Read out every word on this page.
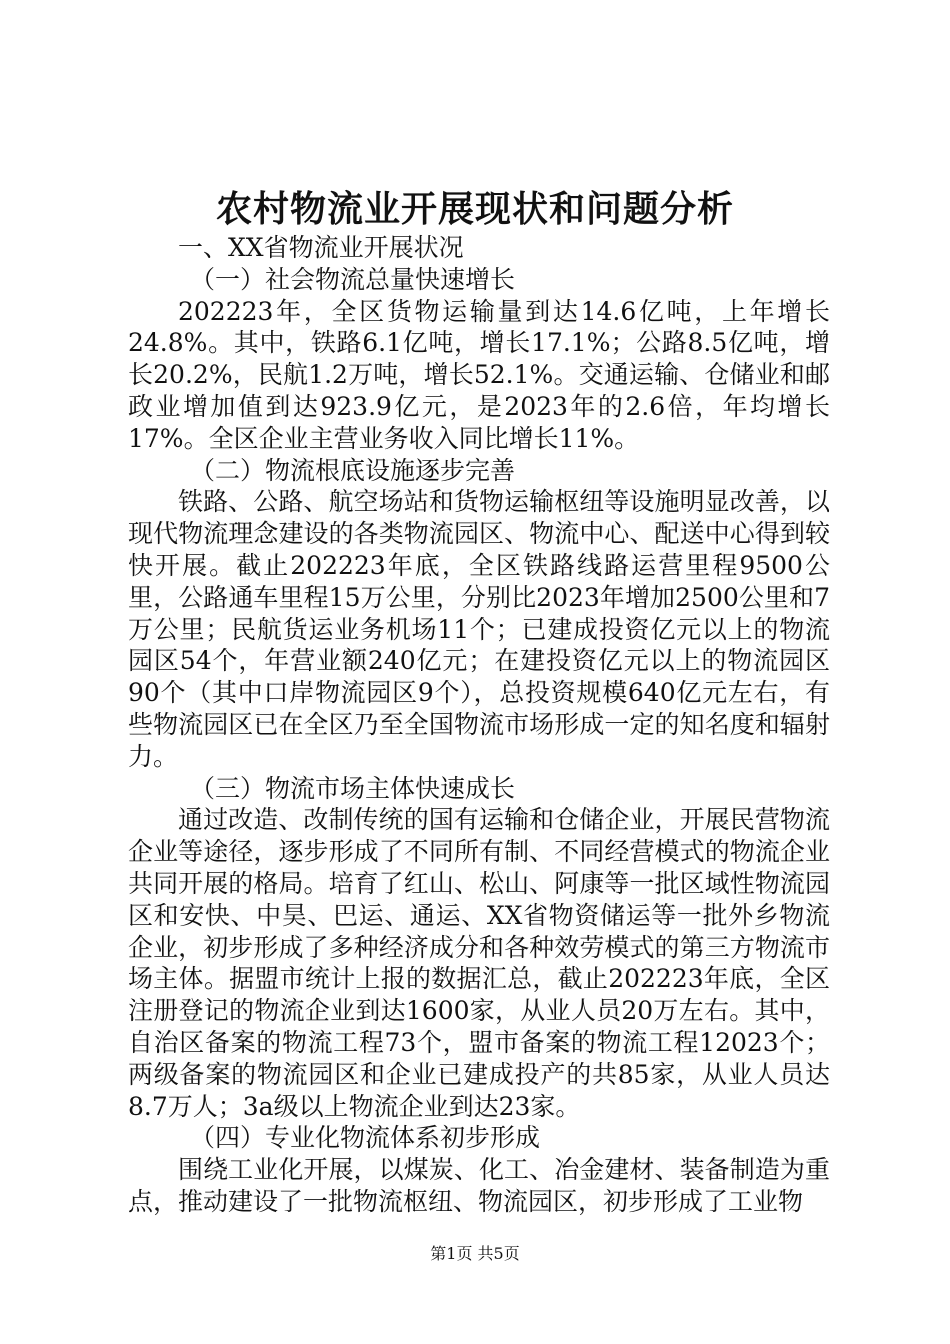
农村物流业开展现状和问题分析

一、XX省物流业开展状况

（一）社会物流总量快速增长

202223年，全区货物运输量到达14.6亿吨，上年增长24.8%。其中，铁路6.1亿吨，增长17.1%；公路8.5亿吨，增长20.2%，民航1.2万吨，增长52.1%。交通运输、仓储业和邮政业增加值到达923.9亿元，是2023年的2.6倍，年均增长17%。全区企业主营业务收入同比增长11%。

（二）物流根底设施逐步完善

铁路、公路、航空场站和货物运输枢纽等设施明显改善，以现代物流理念建设的各类物流园区、物流中心、配送中心得到较快开展。截止202223年底，全区铁路线路运营里程9500公里，公路通车里程15万公里，分别比2023年增加2500公里和7万公里；民航货运业务机场11个；已建成投资亿元以上的物流园区54个，年营业额240亿元；在建投资亿元以上的物流园区90个（其中口岸物流园区9个），总投资规模640亿元左右，有些物流园区已在全区乃至全国物流市场形成一定的知名度和辐射力。

（三）物流市场主体快速成长

通过改造、改制传统的国有运输和仓储企业，开展民营物流企业等途径，逐步形成了不同所有制、不同经营模式的物流企业共同开展的格局。培育了红山、松山、阿康等一批区域性物流园区和安快、中昊、巴运、通运、XX省物资储运等一批外乡物流企业，初步形成了多种经济成分和各种效劳模式的第三方物流市场主体。据盟市统计上报的数据汇总，截止202223年底，全区注册登记的物流企业到达1600家，从业人员20万左右。其中，自治区备案的物流工程73个，盟市备案的物流工程12023个；两级备案的物流园区和企业已建成投产的共85家，从业人员达8.7万人；3a级以上物流企业到达23家。

（四）专业化物流体系初步形成

围绕工业化开展，以煤炭、化工、冶金建材、装备制造为重点，推动建设了一批物流枢纽、物流园区，初步形成了工业物

第1页 共5页
